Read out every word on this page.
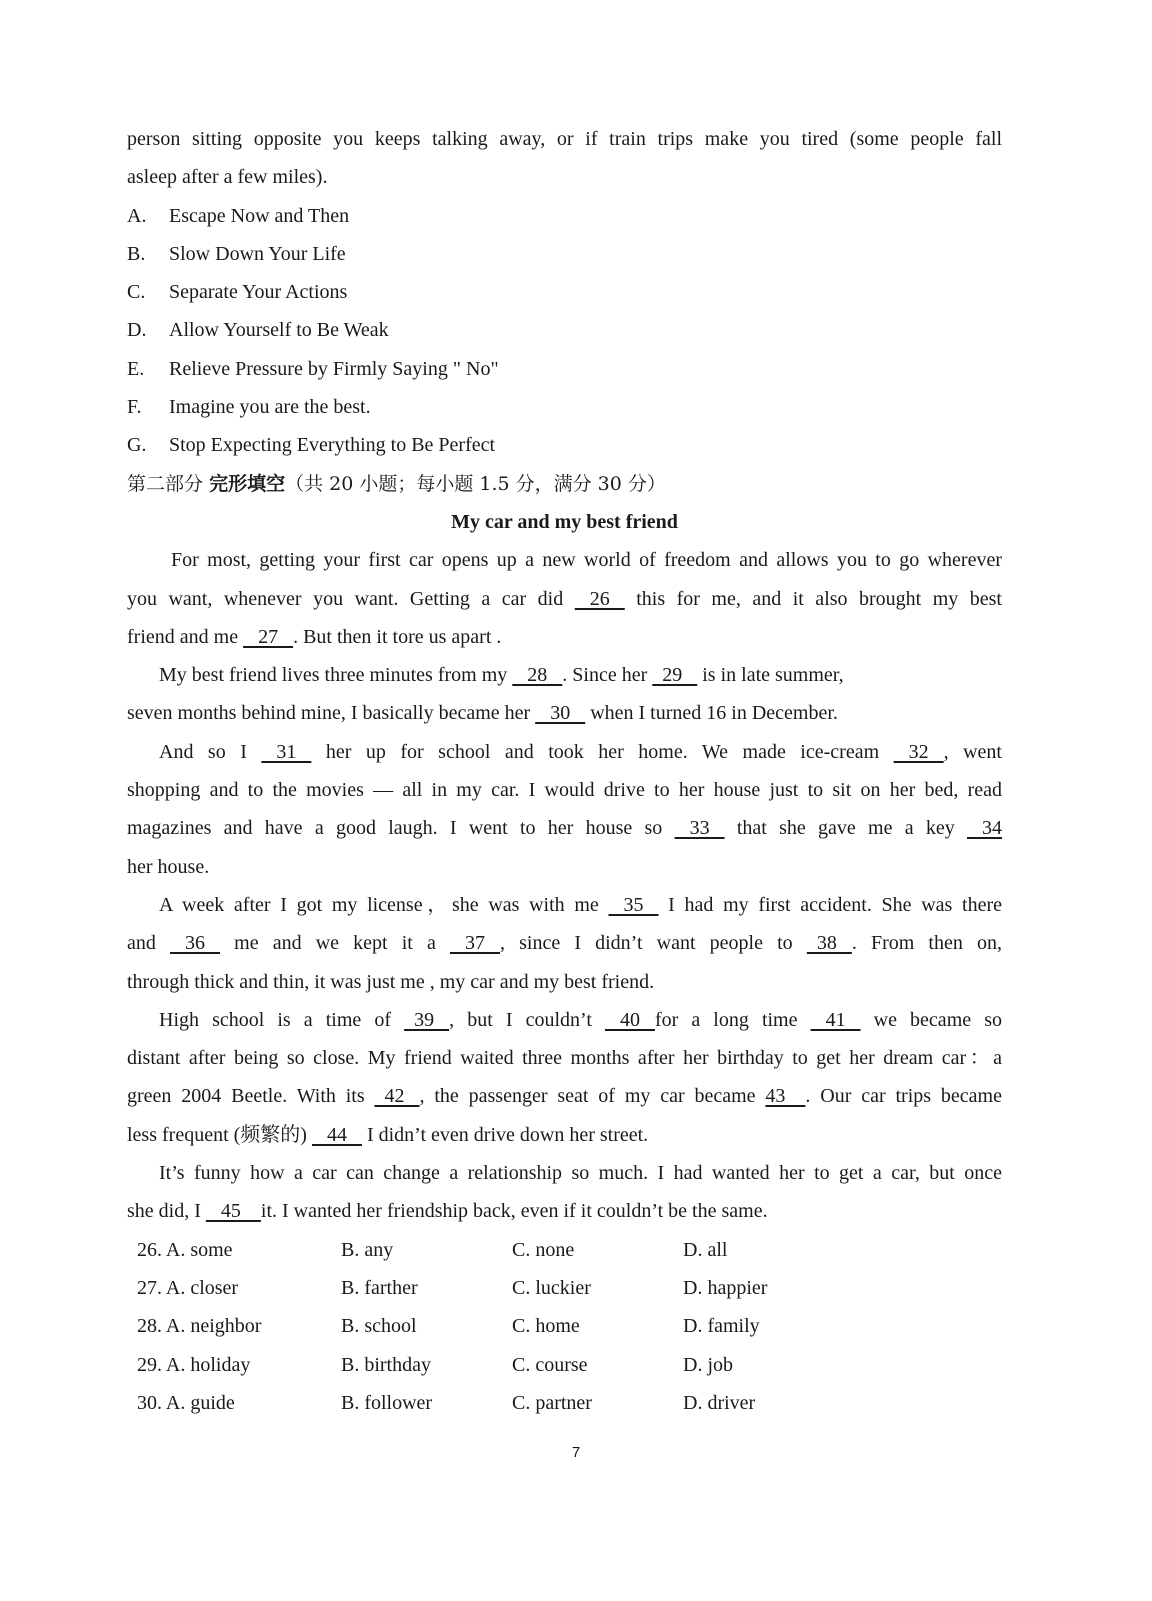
person sitting opposite you keeps talking away, or if train trips make you tired (some people fall
asleep after a few miles).
A. Escape Now and Then
B. Slow Down Your Life
C. Separate Your Actions
D. Allow Yourself to Be Weak
E. Relieve Pressure by Firmly Saying " No"
F. Imagine you are the best.
G. Stop Expecting Everything to Be Perfect
第二部分 完形填空（共 20 小题；每小题 1.5 分，满分 30 分）
My car and my best friend
For most, getting your first car opens up a new world of freedom and allows you to go wherever
you want, whenever you want. Getting a car did    26    this for me, and it also brought my best
friend and me    27   . But then it tore us apart .
My best friend lives three minutes from my    28   . Since her   29    is in late summer,
seven months behind mine, I basically became her    30    when I turned 16 in December.
And so I    31    her up for school and took her home. We made ice-cream    32   , went
shopping and to the movies — all in my car. I would drive to her house just to sit on her bed, read
magazines and have a good laugh. I went to her house so    33    that she gave me a key    34
her house.
A week after I got my license，she was with me    35    I had my first accident. She was there
and    36    me and we kept it a    37   , since I didn’t want people to   38   . From then on,
through thick and thin, it was just me , my car and my best friend.
High school is a time of   39   , but I couldn’t    40   for a long time    41    we became so
distant after being so close. My friend waited three months after her birthday to get her dream car：a
green 2004 Beetle. With its   42   , the passenger seat of my car became 43    . Our car trips became
less frequent (频繁的)    44    I didn’t even drive down her street.
It’s funny how a car can change a relationship so much. I had wanted her to get a car, but once
she did, I    45    it. I wanted her friendship back, even if it couldn’t be the same.
26. A. some	B. any	C. none	D. all
27. A. closer	B. farther	C. luckier	D. happier
28. A. neighbor	B. school	C. home	D. family
29. A. holiday	B. birthday	C. course	D. job
30. A. guide	B. follower	C. partner	D. driver
7
